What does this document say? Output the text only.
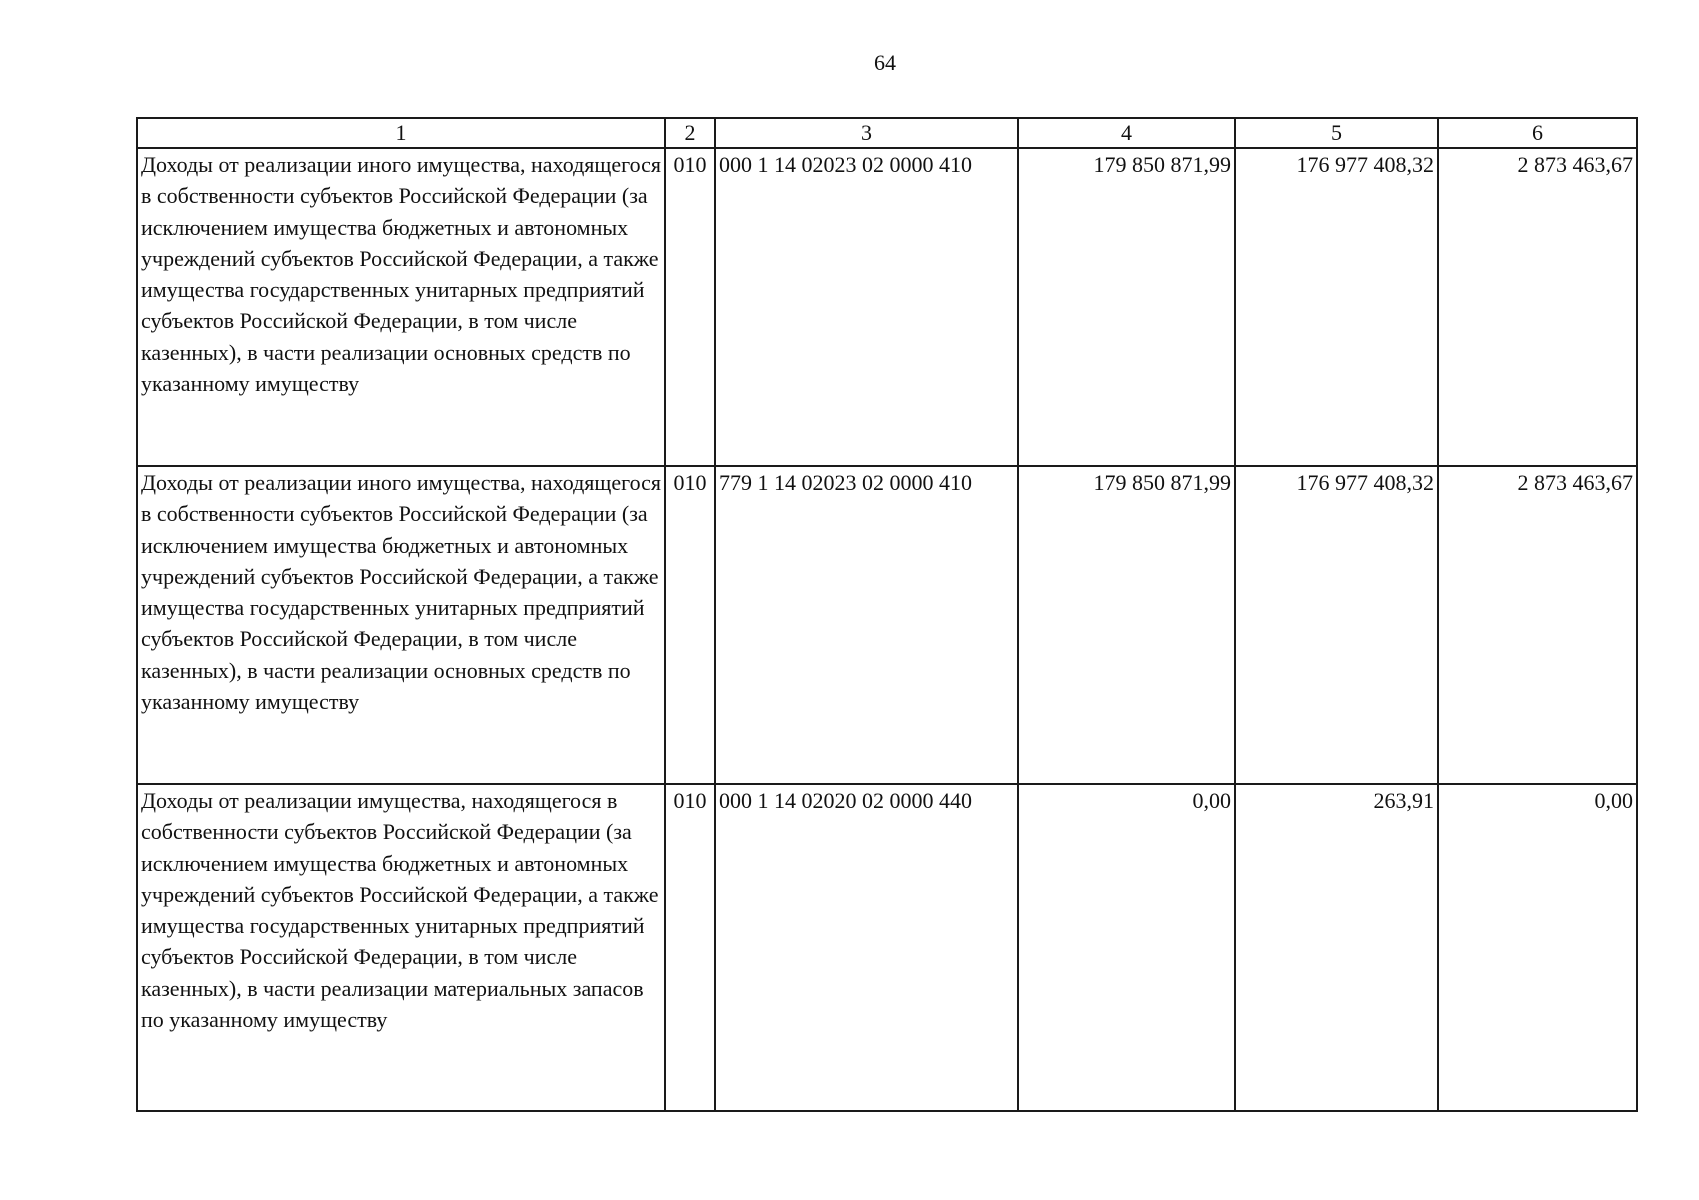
64
1	2	3	4	5	6
Доходы от реализации иного имущества, находящегося в собственности субъектов Российской Федерации (за исключением имущества бюджетных и автономных учреждений субъектов Российской Федерации, а также имущества государственных унитарных предприятий субъектов Российской Федерации, в том числе казенных), в части реализации основных средств по указанному имуществу	010	000 1 14 02023 02 0000 410	179 850 871,99	176 977 408,32	2 873 463,67
Доходы от реализации иного имущества, находящегося в собственности субъектов Российской Федерации (за исключением имущества бюджетных и автономных учреждений субъектов Российской Федерации, а также имущества государственных унитарных предприятий субъектов Российской Федерации, в том числе казенных), в части реализации основных средств по указанному имуществу	010	779 1 14 02023 02 0000 410	179 850 871,99	176 977 408,32	2 873 463,67
Доходы от реализации имущества, находящегося в собственности субъектов Российской Федерации (за исключением имущества бюджетных и автономных учреждений субъектов Российской Федерации, а также имущества государственных унитарных предприятий субъектов Российской Федерации, в том числе казенных), в части реализации материальных запасов по указанному имуществу	010	000 1 14 02020 02 0000 440	0,00	263,91	0,00
